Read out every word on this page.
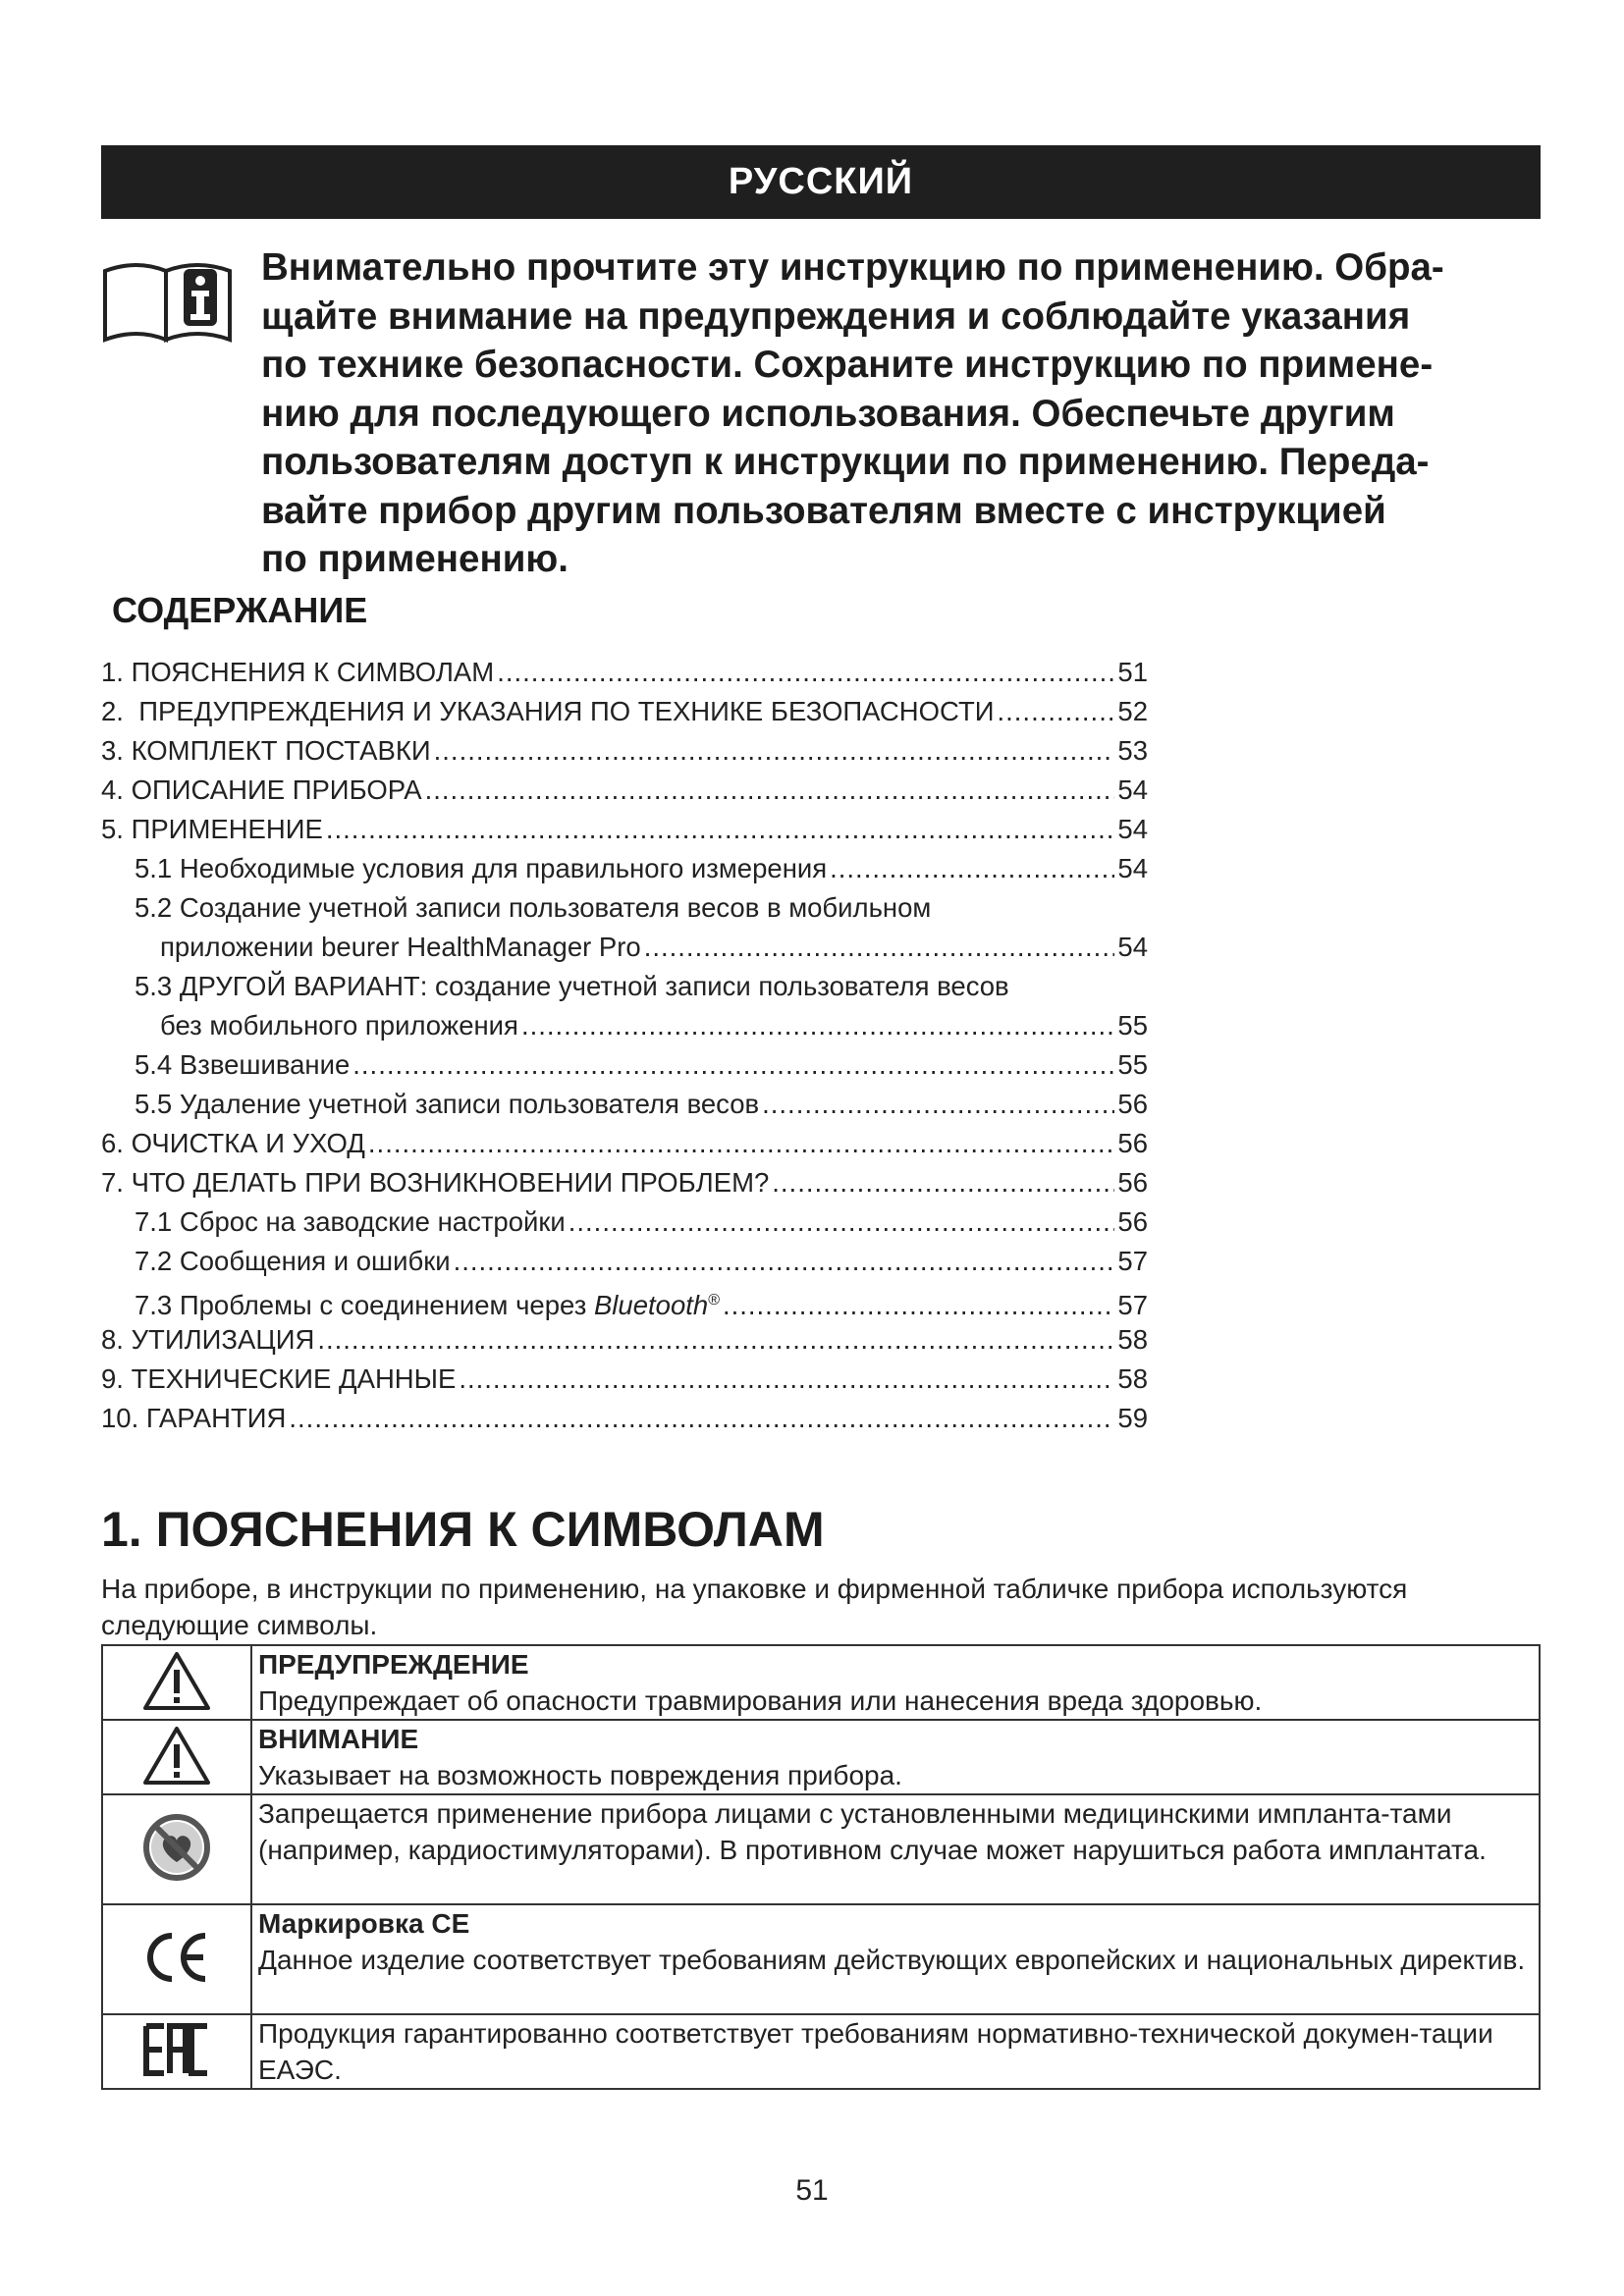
РУССКИЙ

Внимательно прочтите эту инструкцию по применению. Обра-

щайте внимание на предупреждения и соблюдайте указания

по технике безопасности. Сохраните инструкцию по примене-

нию для последующего использования. Обеспечьте другим

пользователям доступ к инструкции по применению. Переда-

вайте прибор другим пользователям вместе с инструкцией

по применению.

СОДЕРЖАНИЕ
1. ПОЯСНЕНИЯ К СИМВОЛАМ .....	51
2.  ПРЕДУПРЕЖДЕНИЯ И УКАЗАНИЯ ПО ТЕХНИКЕ БЕЗОПАСНОСТИ .....	52
3. КОМПЛЕКТ ПОСТАВКИ .....	53
4. ОПИСАНИЕ ПРИБОРА .....	54
5. ПРИМЕНЕНИЕ .....	54
5.1 Необходимые условия для правильного измерения .....	54
5.2 Создание учетной записи пользователя весов в мобильном
приложении beurer HealthManager Pro .....	54
5.3 ДРУГОЙ ВАРИАНТ: создание учетной записи пользователя весов
без мобильного приложения .....	55
5.4 Взвешивание .....	55
5.5 Удаление учетной записи пользователя весов .....	56
6. ОЧИСТКА И УХОД .....	56
7. ЧТО ДЕЛАТЬ ПРИ ВОЗНИКНОВЕНИИ ПРОБЛЕМ? .....	56
7.1 Сброс на заводские настройки .....	56
7.2 Сообщения и ошибки .....	57
7.3 Проблемы с соединением через Bluetooth® .....	57
8. УТИЛИЗАЦИЯ .....	58
9. ТЕХНИЧЕСКИЕ ДАННЫЕ .....	58
10. ГАРАНТИЯ .....	59
1. ПОЯСНЕНИЯ К СИМВОЛАМ
На приборе, в инструкции по применению, на упаковке и фирменной табличке прибора используются следующие символы.

ПРЕДУПРЕЖДЕНИЕ
Предупреждает об опасности травмирования или нанесения вреда здоровью.

ВНИМАНИЕ
Указывает на возможность повреждения прибора.

Запрещается применение прибора лицами с установленными медицинскими импланта-тами (например, кардиостимуляторами). В противном случае может нарушиться работа имплантата.

Маркировка CE
Данное изделие соответствует требованиям действующих европейских и национальных директив.

Продукция гарантированно соответствует требованиям нормативно-технической докумен-тации ЕАЭС.
51
